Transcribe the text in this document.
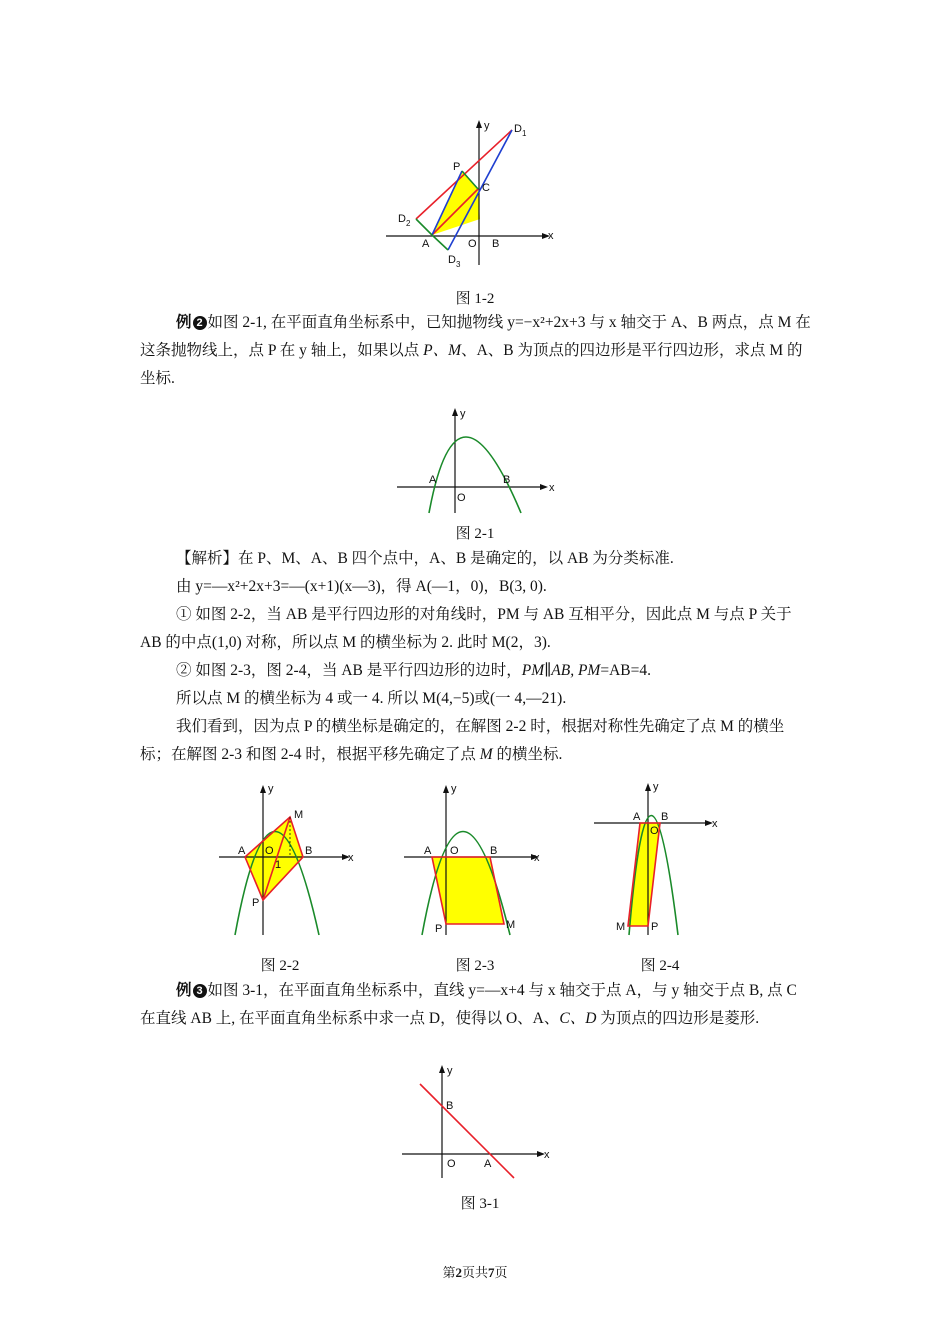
y
x
D 1
P
C
D 2
A	O B
D 3
图 1-2

例 2 如图 2-1, 在平面直角坐标系中，已知抛物线 y=−x²+2x+3 与 x 轴交于 A、B 两点，点 M 在这条抛物线上，点 P 在 y 轴上，如果以点 P、M、A、B 为顶点的四边形是平行四边形，求点 M 的坐标.

y
x
A	B
O
图 2-1

【解析】在 P、M、A、B 四个点中，A、B 是确定的，以 AB 为分类标准.

由 y=—x²+2x+3=—(x+1)(x—3)，得 A(—1，0)，B(3, 0).

① 如图 2-2，当 AB 是平行四边形的对角线时，PM 与 AB 互相平分，因此点 M 与点 P 关于 AB 的中点(1,0) 对称，所以点 M 的横坐标为 2. 此时 M(2，3).

② 如图 2-3，图 2-4，当 AB 是平行四边形的边时，PM∥AB, PM=AB=4.

所以点 M 的横坐标为 4 或一 4. 所以 M(4,−5)或(一 4,—21).

我们看到，因为点 P 的横坐标是确定的，在解图 2-2 时，根据对称性先确定了点 M 的横坐标；在解图 2-3 和图 2-4 时，根据平移先确定了点 M 的横坐标.

y
x
M
A O
1
B
P
图 2-2
y
x
A O	B
P	M
图 2-3
y
x
A B
O
M P
图 2-4

例 3 如图 3-1，在平面直角坐标系中，直线 y=—x+4 与 x 轴交于点 A，与 y 轴交于点 B, 点 C 在直线 AB 上, 在平面直角坐标系中求一点 D，使得以 O、A、C、D 为顶点的四边形是菱形.

y
x
B
O	A
图 3-1
第2页共7页
